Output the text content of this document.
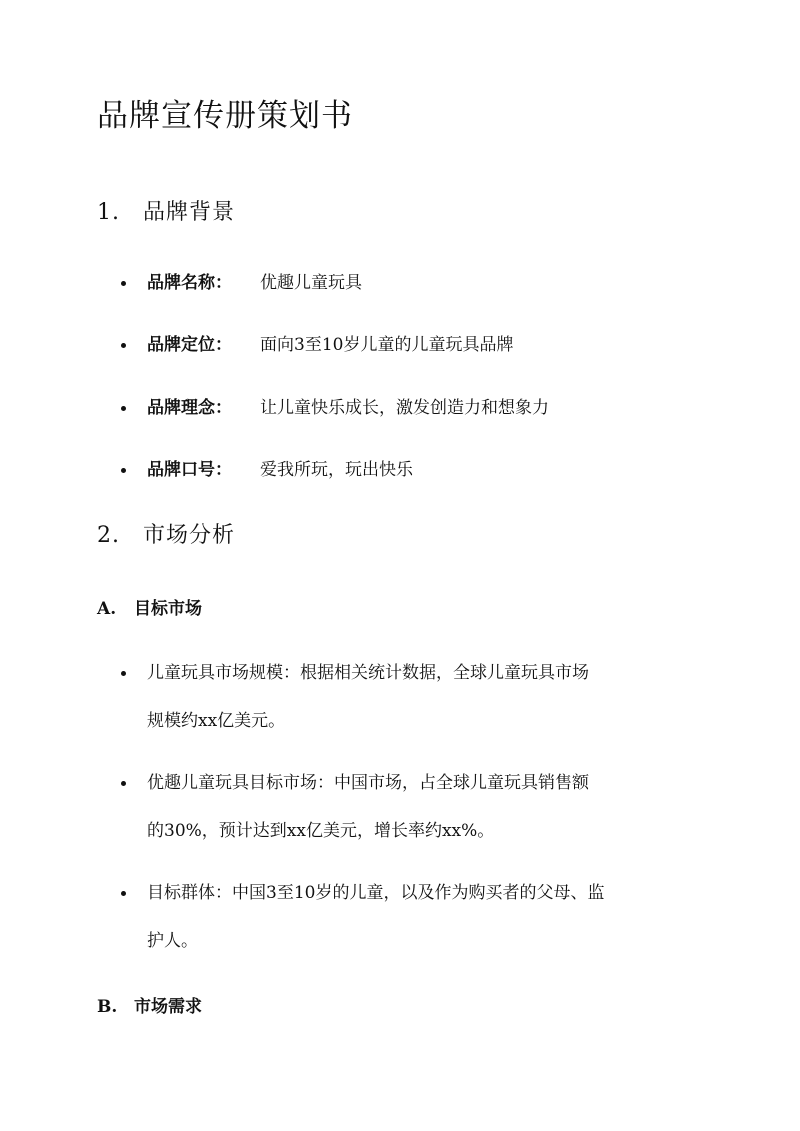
品牌宣传册策划书
1. 品牌背景
品牌名称： 优趣儿童玩具
品牌定位： 面向3至10岁儿童的儿童玩具品牌
品牌理念： 让儿童快乐成长，激发创造力和想象力
品牌口号： 爱我所玩，玩出快乐
2. 市场分析
A. 目标市场
儿童玩具市场规模：根据相关统计数据，全球儿童玩具市场
规模约xx亿美元。
优趣儿童玩具目标市场：中国市场，占全球儿童玩具销售额
的30%，预计达到xx亿美元，增长率约xx%。
目标群体：中国3至10岁的儿童，以及作为购买者的父母、监
护人。
B. 市场需求
